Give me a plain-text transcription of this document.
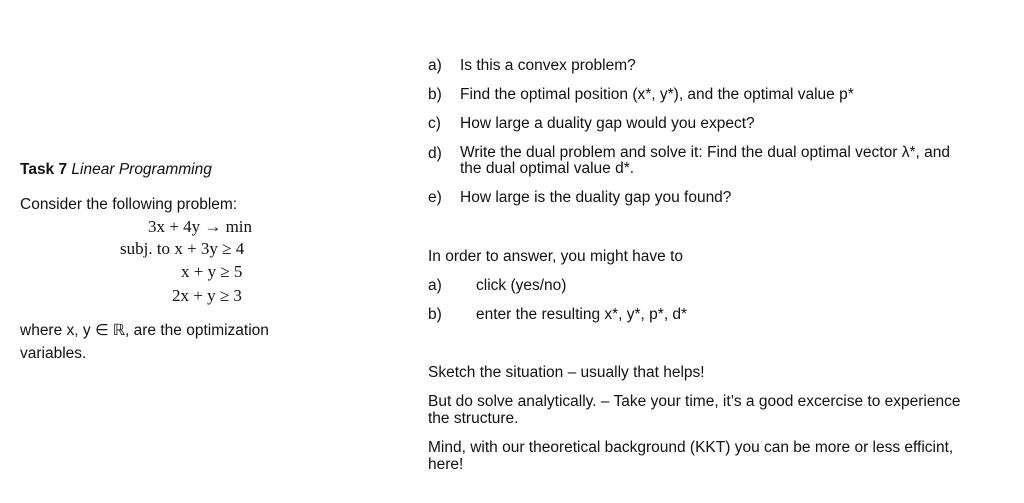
Task 7 Linear Programming
Consider the following problem:
3x + 4y → min
subj. to x + 3y ≥ 4
x + y ≥ 5
2x + y ≥ 3
where x, y ∈ ℝ, are the optimization
variables.
a) Is this a convex problem?
b) Find the optimal position (x*, y*), and the optimal value p*
c) How large a duality gap would you expect?
d) Write the dual problem and solve it: Find the dual optimal vector λ*, and
the dual optimal value d*.
e) How large is the duality gap you found?
In order to answer, you might have to
a) click (yes/no)
b) enter the resulting x*, y*, p*, d*
Sketch the situation – usually that helps!
But do solve analytically. – Take your time, it’s a good excercise to experience
the structure.
Mind, with our theoretical background (KKT) you can be more or less efficint,
here!
